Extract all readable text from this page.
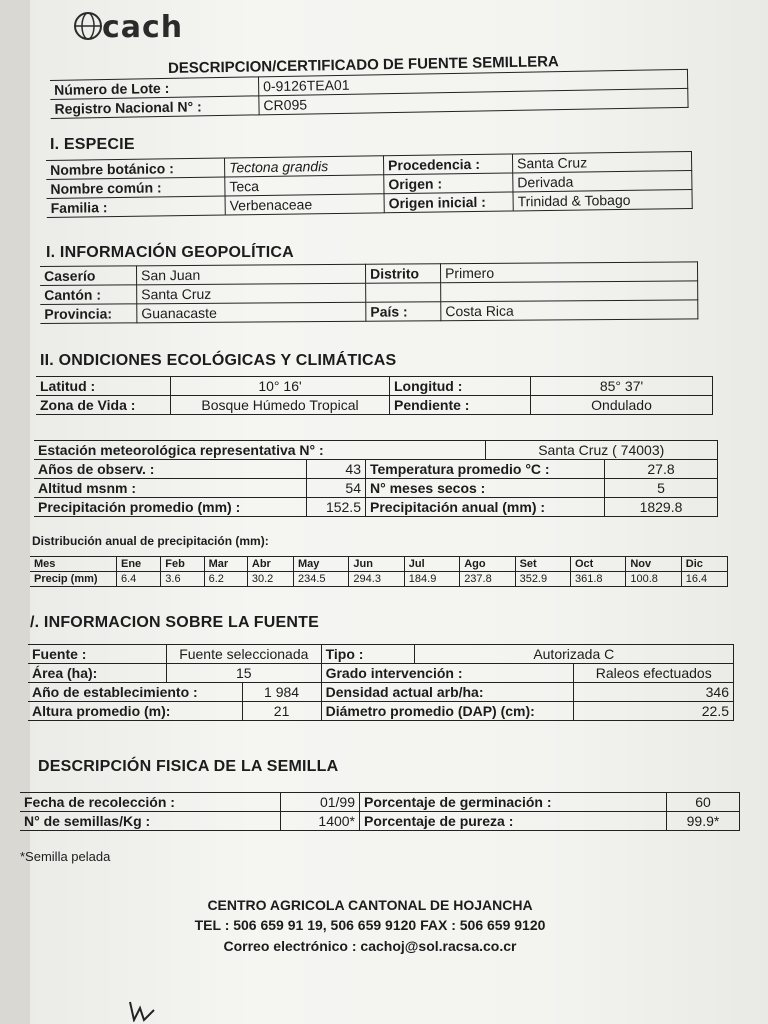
cach
DESCRIPCION/CERTIFICADO DE FUENTE SEMILLERA
Número de Lote :	0-9126TEA01
Registro Nacional N° :	CR095
I. ESPECIE
Nombre botánico :	Tectona grandis	Procedencia :	Santa Cruz
Nombre común :	Teca	Origen :	Derivada
Familia :	Verbenaceae	Origen inicial :	Trinidad & Tobago
I. INFORMACIÓN GEOPOLÍTICA
Caserío	San Juan	Distrito	Primero
Cantón :	Santa Cruz		
Provincia:	Guanacaste	País :	Costa Rica
II. ONDICIONES ECOLÓGICAS Y CLIMÁTICAS
Latitud :	10° 16'	Longitud :	85° 37'
Zona de Vida :	Bosque Húmedo Tropical	Pendiente :	Ondulado
Estación meteorológica representativa N° :			Santa Cruz ( 74003)	
Años de observ. :	43	Temperatura promedio °C :		27.8
Altitud msnm :	54	N° meses secos :		5
Precipitación promedio (mm) :	152.5	Precipitación anual (mm) :		1829.8
Distribución anual de precipitación (mm):
Mes	Ene	Feb	Mar	Abr	May	Jun	Jul	Ago	Set	Oct	Nov	Dic
Precip (mm)	6.4	3.6	6.2	30.2	234.5	294.3	184.9	237.8	352.9	361.8	100.8	16.4
/. INFORMACION SOBRE LA FUENTE
Fuente :	Fuente seleccionada		Tipo :	Autorizada C	
Área (ha):	15		Grado intervención :		Raleos efectuados
Año de establecimiento :		1 984	Densidad actual arb/ha:		346
Altura promedio (m):		21	Diámetro promedio (DAP) (cm):		22.5
DESCRIPCIÓN FISICA DE LA SEMILLA
Fecha de recolección :	01/99	Porcentaje de germinación :	60
N° de semillas/Kg :	1400*	Porcentaje de pureza :	99.9*
*Semilla pelada
CENTRO AGRICOLA CANTONAL DE HOJANCHA
TEL : 506 659 91 19, 506 659 9120 FAX : 506 659 9120
Correo electrónico : cachoj@sol.racsa.co.cr
